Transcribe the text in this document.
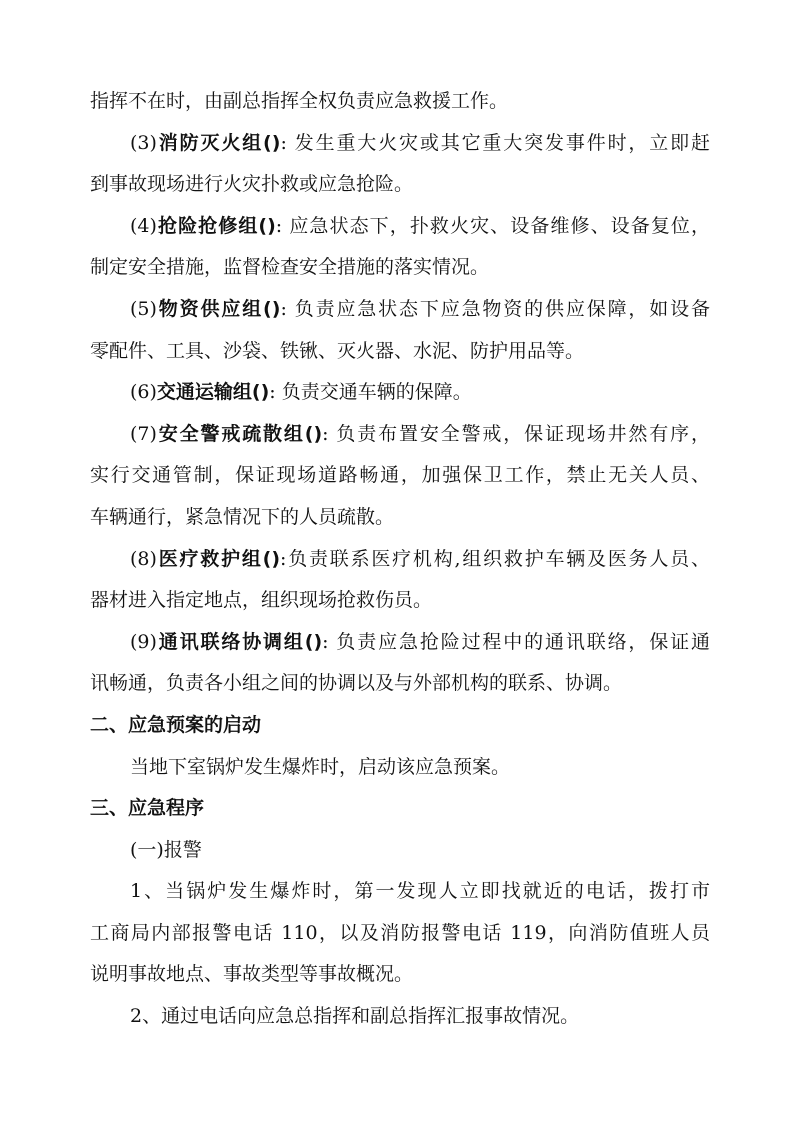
指挥不在时，由副总指挥全权负责应急救援工作。
(3)消防灭火组(): 发生重大火灾或其它重大突发事件时，立即赶
到事故现场进行火灾扑救或应急抢险。
(4)抢险抢修组(): 应急状态下，扑救火灾、设备维修、设备复位，
制定安全措施，监督检查安全措施的落实情况。
(5)物资供应组(): 负责应急状态下应急物资的供应保障，如设备
零配件、工具、沙袋、铁锹、灭火器、水泥、防护用品等。
(6)交通运输组(): 负责交通车辆的保障。
(7)安全警戒疏散组(): 负责布置安全警戒，保证现场井然有序，
实行交通管制，保证现场道路畅通，加强保卫工作，禁止无关人员、
车辆通行，紧急情况下的人员疏散。
(8)医疗救护组():负责联系医疗机构,组织救护车辆及医务人员、
器材进入指定地点，组织现场抢救伤员。
(9)通讯联络协调组(): 负责应急抢险过程中的通讯联络，保证通
讯畅通，负责各小组之间的协调以及与外部机构的联系、协调。
二、应急预案的启动
当地下室锅炉发生爆炸时，启动该应急预案。
三、应急程序
(一)报警
1、当锅炉发生爆炸时，第一发现人立即找就近的电话，拨打市
工商局内部报警电话 110，以及消防报警电话 119，向消防值班人员
说明事故地点、事故类型等事故概况。
2、通过电话向应急总指挥和副总指挥汇报事故情况。
